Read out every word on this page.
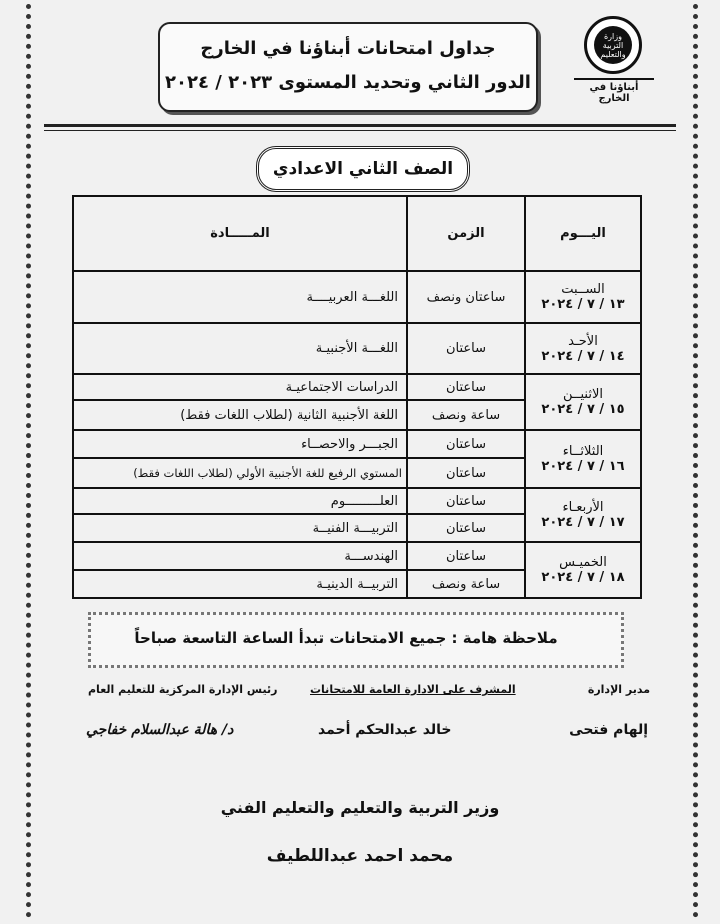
وزارة التربية والتعليم
أبناؤنا في الخارج
جداول امتحانات أبناؤنا في الخارج
الدور الثاني وتحديد المستوى ٢٠٢٣ / ٢٠٢٤
الصف الثاني الاعدادي
اليـــوم
الزمن
المـــــادة
الســبت
١٣ / ٧ / ٢٠٢٤
ساعتان ونصف
اللغـــة العربيــــة
الأحـد
١٤ / ٧ / ٢٠٢٤
ساعتان
اللغـــة الأجنبيـة
الاثنيــن
١٥ / ٧ / ٢٠٢٤
ساعتان
الدراسات الاجتماعيـة
ساعة ونصف
اللغة الأجنبية الثانية (لطلاب اللغات فقط)
الثلاثــاء
١٦ / ٧ / ٢٠٢٤
ساعتان
الجبـــر والاحصــاء
ساعتان
المستوي الرفيع للغة الأجنبية الأولي (لطلاب اللغات فقط)
الأربعـاء
١٧ / ٧ / ٢٠٢٤
ساعتان
العلـــــــــوم
ساعتان
التربيـــة الفنيــة
الخميـس
١٨ / ٧ / ٢٠٢٤
ساعتان
الهندســـة
ساعة ونصف
التربيــة الدينيـة
ملاحظة هامة : جميع الامتحانات تبدأ الساعة التاسعة صباحاً
مدير الإدارة
المشرف على الادارة العامة للامتحانات
رئيس الإدارة المركزية للتعليم العام
إلهام فتحى
خالد عبدالحكم أحمد
د/ هالة عبدالسلام خفاجي
وزير التربية والتعليم والتعليم الفني
محمد احمد عبداللطيف
